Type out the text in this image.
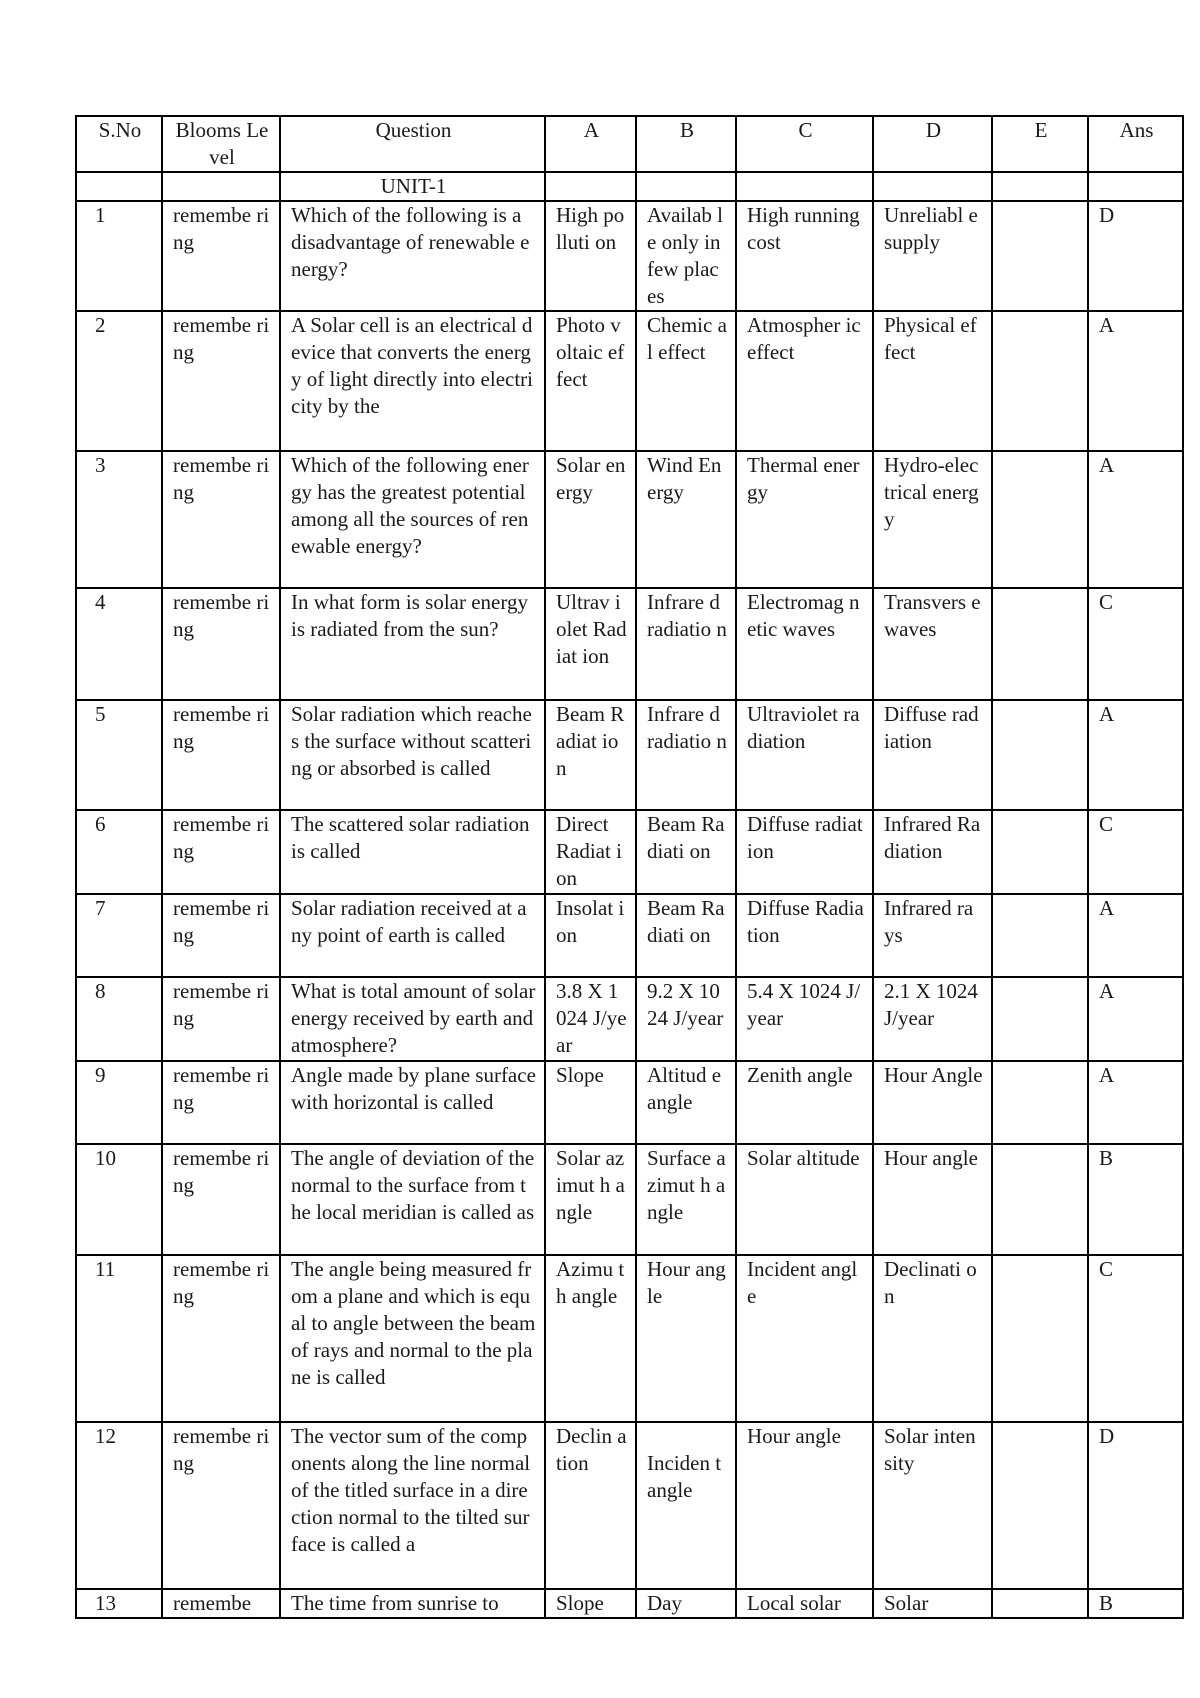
S.No	Blooms Level	Question	A	B	C	D	E	Ans
		UNIT-1						
1	remembe ring	Which of the following is a disadvantage of renewable energy?	High polluti on	Availab le only in few places	High running cost	Unreliabl e supply		D
2	remembe ring	A Solar cell is an electrical device that converts the energy of light directly into electricity by the	Photo voltaic effect	Chemic al effect	Atmospher ic effect	Physical effect		A
3	remembe ring	Which of the following energy has the greatest potential among all the sources of renewable energy?	Solar energy	Wind Energy	Thermal energy	Hydro-electrical energy		A
4	remembe ring	In what form is solar energy is radiated from the sun?	Ultrav iolet Radiat ion	Infrare d radiatio n	Electromag netic waves	Transvers e waves		C
5	remembe ring	Solar radiation which reaches the surface without scattering or absorbed is called	Beam Radiat ion	Infrare d radiatio n	Ultraviolet radiation	Diffuse radiation		A
6	remembe ring	The scattered solar radiation is called	Direct Radiat ion	Beam Radiati on	Diffuse radiation	Infrared Radiation		C
7	remembe ring	Solar radiation received at any point of earth is called	Insolat ion	Beam Radiati on	Diffuse Radiation	Infrared rays		A
8	remembe ring	What is total amount of solar energy received by earth and atmosphere?	3.8 X 1024 J/year	9.2 X 1024 J/year	5.4 X 1024 J/year	2.1 X 1024 J/year		A
9	remembe ring	Angle made by plane surface with horizontal is called	Slope	Altitud e angle	Zenith angle	Hour Angle		A
10	remembe ring	The angle of deviation of the normal to the surface from the local meridian is called as	Solar azimut h angle	Surface azimut h angle	Solar altitude	Hour angle		B
11	remembe ring	The angle being measured from a plane and which is equal to angle between the beam of rays and normal to the plane is called	Azimu th angle	Hour angle	Incident angle	Declinati on		C
12	remembe ring	The vector sum of the components along the line normal of the titled surface in a direction normal to the tilted surface is called a	Declin ation	Inciden t angle	Hour angle	Solar intensity		D
13	remembe	The time from sunrise to	Slope	Day	Local solar	Solar		B
